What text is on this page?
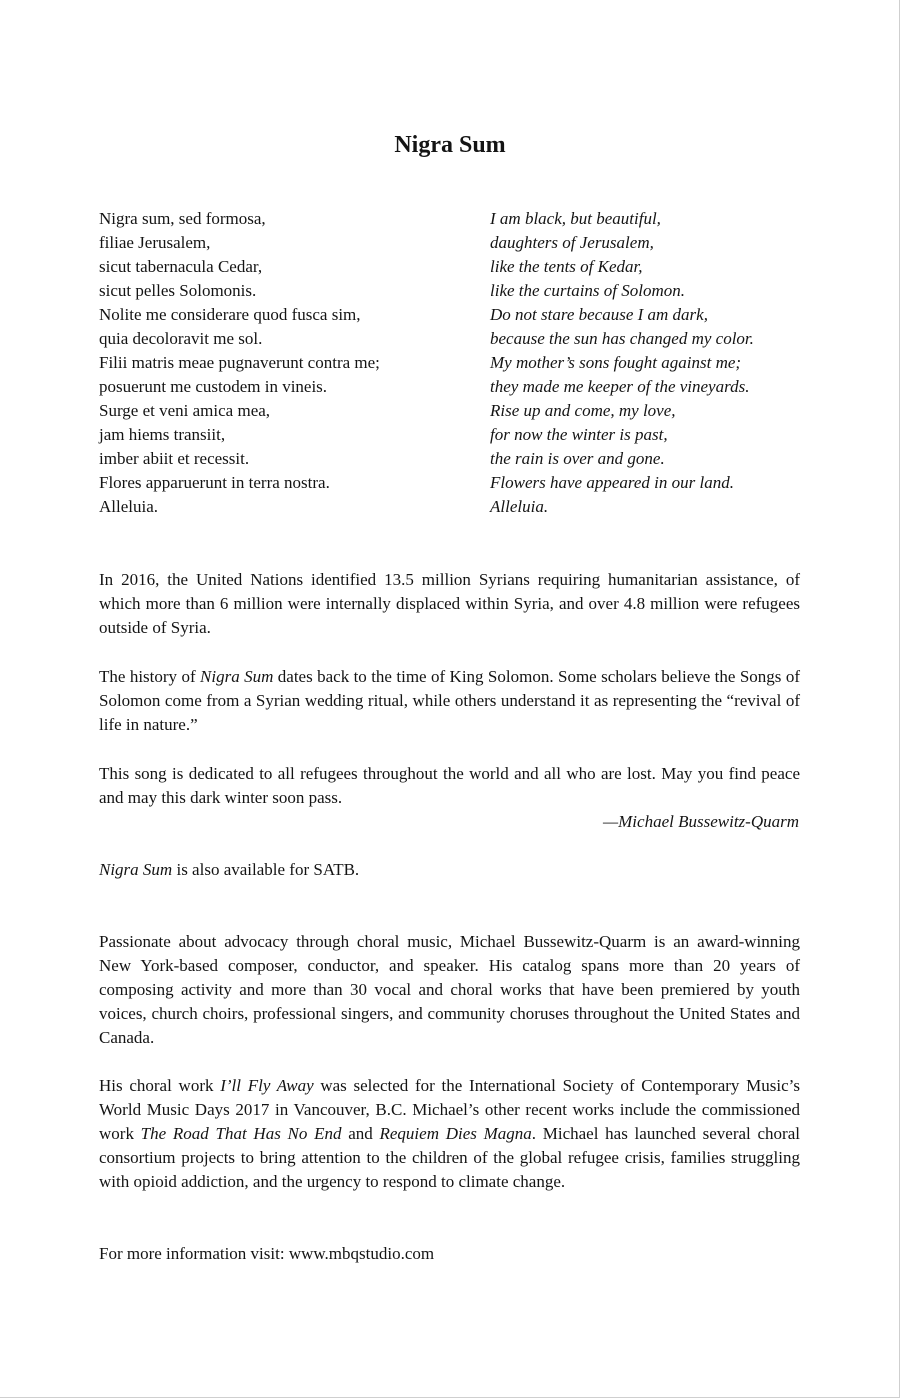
Nigra Sum
Nigra sum, sed formosa,
filiae Jerusalem,
sicut tabernacula Cedar,
sicut pelles Solomonis.
Nolite me considerare quod fusca sim,
quia decoloravit me sol.
Filii matris meae pugnaverunt contra me;
posuerunt me custodem in vineis.
Surge et veni amica mea,
jam hiems transiit,
imber abiit et recessit.
Flores apparuerunt in terra nostra.
Alleluia.
I am black, but beautiful,
daughters of Jerusalem,
like the tents of Kedar,
like the curtains of Solomon.
Do not stare because I am dark,
because the sun has changed my color.
My mother’s sons fought against me;
they made me keeper of the vineyards.
Rise up and come, my love,
for now the winter is past,
the rain is over and gone.
Flowers have appeared in our land.
Alleluia.

In 2016, the United Nations identified 13.5 million Syrians requiring humanitarian assistance, of which more than 6 million were internally displaced within Syria, and over 4.8 million were refugees outside of Syria.

The history of Nigra Sum dates back to the time of King Solomon. Some scholars believe the Songs of Solomon come from a Syrian wedding ritual, while others understand it as representing the “revival of life in nature.”

This song is dedicated to all refugees throughout the world and all who are lost. May you find peace and may this dark winter soon pass.

—Michael Bussewitz-Quarm

Nigra Sum is also available for SATB.

Passionate about advocacy through choral music, Michael Bussewitz-Quarm is an award-winning New York-based composer, conductor, and speaker. His catalog spans more than 20 years of composing activity and more than 30 vocal and choral works that have been premiered by youth voices, church choirs, professional singers, and community choruses throughout the United States and Canada.

His choral work I’ll Fly Away was selected for the International Society of Contemporary Music’s World Music Days 2017 in Vancouver, B.C. Michael’s other recent works include the commissioned work The Road That Has No End and Requiem Dies Magna. Michael has launched several choral consortium projects to bring attention to the children of the global refugee crisis, families struggling with opioid addiction, and the urgency to respond to climate change.

For more information visit: www.mbqstudio.com
